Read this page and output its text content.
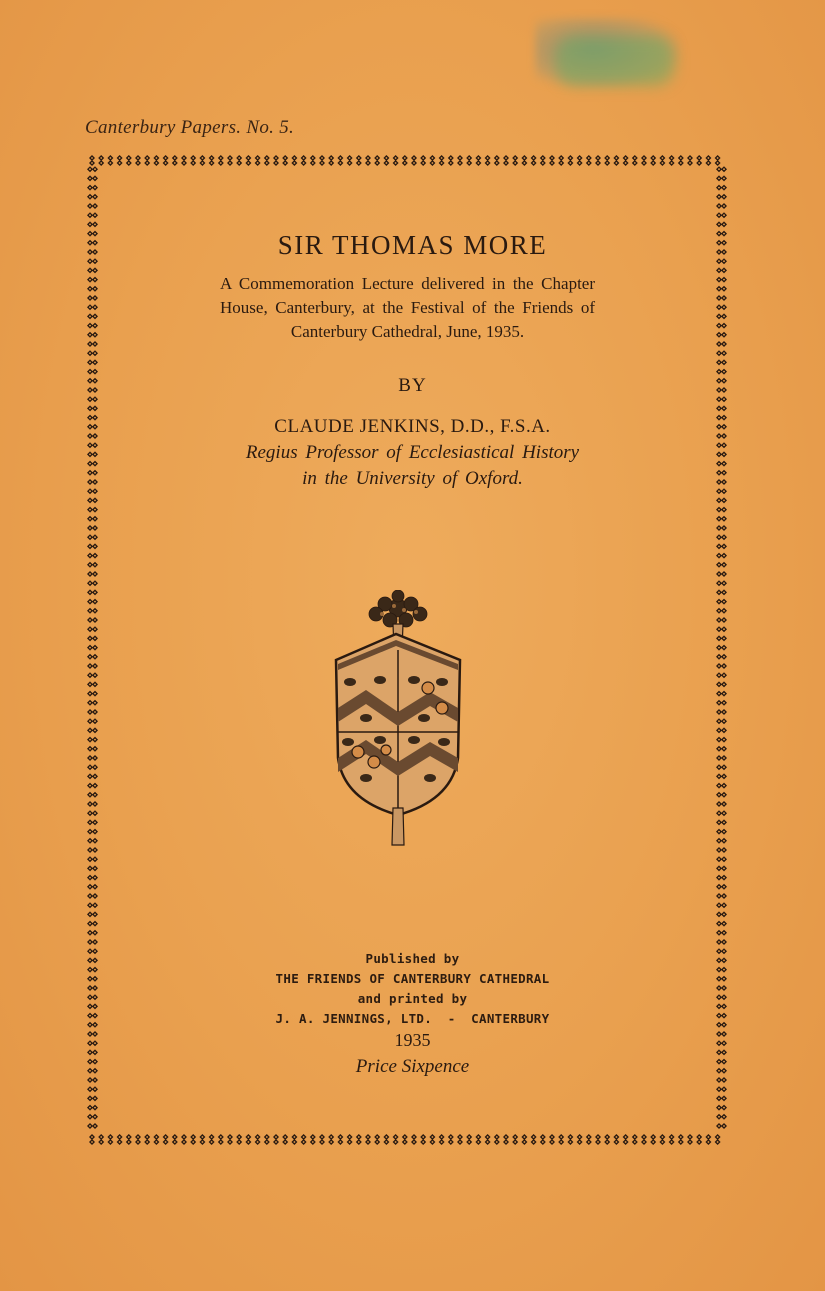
Canterbury Papers. No. 5.
SIR THOMAS MORE
A Commemoration Lecture delivered in the Chapter House, Canterbury, at the Festival of the Friends of Canterbury Cathedral, June, 1935.
BY
CLAUDE JENKINS, D.D., F.S.A.
Regius Professor of Ecclesiastical History
in the University of Oxford.
Published by
THE FRIENDS OF CANTERBURY CATHEDRAL
and printed by
J. A. JENNINGS, LTD.  -  CANTERBURY
1935
Price Sixpence
